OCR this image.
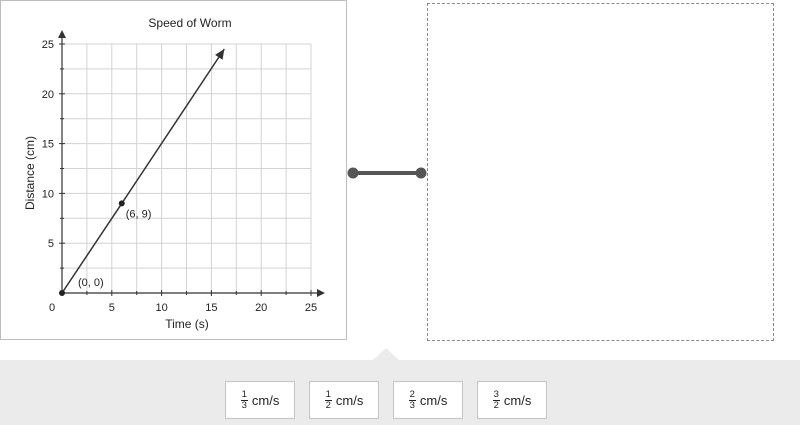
Speed of Worm
Time (s)
Distance (cm)
0	5	10	15	20	25
5
10
15
20
25
(0, 0)
(6, 9)
$\frac{1}{3} cm/s$	$\frac{1}{2} cm/s$	$\frac{2}{3} cm/s$	$\frac{3}{2} cm/s$
